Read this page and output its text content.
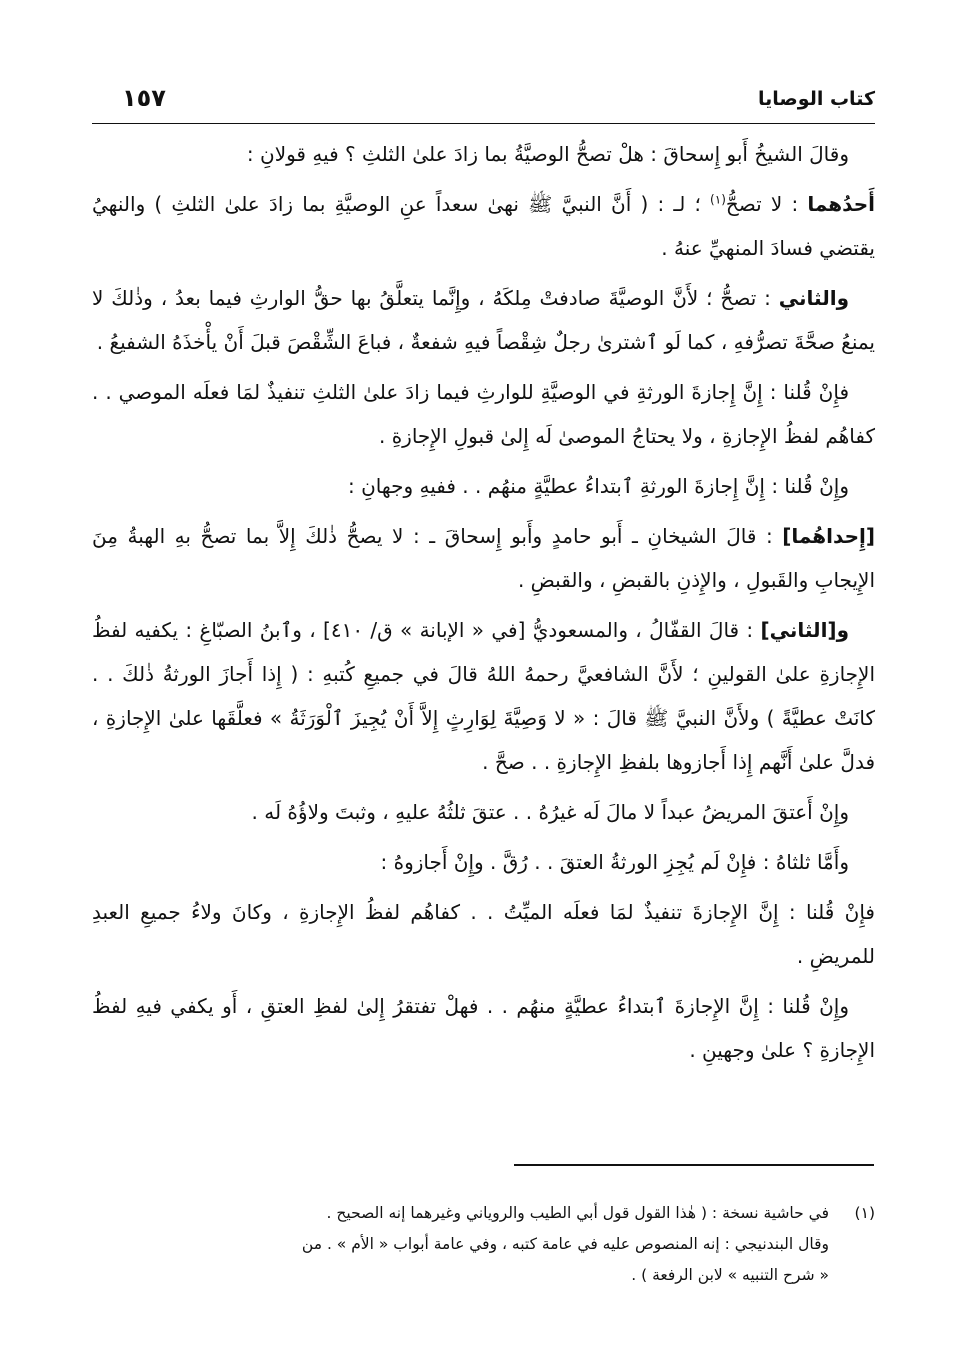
كتاب الوصايا
١٥٧

وقالَ الشيخُ أَبو إِسحاقَ : هلْ تصحُّ الوصيَّةُ بما زادَ علىٰ الثلثِ ؟ فيهِ قولانِ :

أَحدُهما : لا تصحُّ$^{(١)}$ ؛ لـ : ( أَنَّ النبيَّ ﷺ نهىٰ سعداً عنِ الوصيَّةِ بما زادَ علىٰ الثلثِ ) والنهيُ يقتضي فسادَ المنهيِّ عنهُ .

والثاني : تصحُّ ؛ لأَنَّ الوصيَّةَ صادفتْ مِلكَهُ ، وإِنَّما يتعلَّقُ بها حقُّ الوارثِ فيما بعدُ ، وذٰلكَ لا يمنعُ صحَّةَ تصرُّفهِ ، كما لَو ٱشترىٰ رجلٌ شِقْصاً فيهِ شفعةٌ ، فباعَ الشِّقْصَ قبلَ أَنْ يأْخذَهُ الشفيعُ .

فإِنْ قُلنا : إِنَّ إِجازةَ الورثةِ في الوصيَّةِ للوارثِ فيما زادَ علىٰ الثلثِ تنفيذٌ لمَا فعلَه الموصي . . كفاهُم لفظُ الإِجازةِ ، ولا يحتاجُ الموصىٰ لَه إِلىٰ قبولِ الإِجازةِ .

وإِنْ قُلنا : إِنَّ إِجازةَ الورثةِ ٱبتداءُ عطيَّةٍ منهُم . . ففيهِ وجهانِ :

[إِحداهُما] : قالَ الشيخانِ ـ أَبو حامدٍ وأَبو إِسحاقَ ـ : لا يصحُّ ذٰلكَ إِلاَّ بما تصحُّ بهِ الهبةُ مِنَ الإِيجابِ والقَبولِ ، والإِذنِ بالقبضِ ، والقبضِ .

و[الثاني] : قالَ القفّالُ ، والمسعوديُّ [في « الإبانة » ق/ ٤١٠] ، وٱبنُ الصبّاغِ : يكفيه لفظُ الإِجازةِ علىٰ القولينِ ؛ لأَنَّ الشافعيَّ رحمهُ اللهُ قالَ في جميعِ كُتبهِ : ( إِذا أَجازَ الورثةُ ذٰلكَ . . كانَتْ عطيَّةً ) ولأَنَّ النبيَّ ﷺ قالَ : « لا وَصِيَّةَ لِوَارِثٍ إِلاَّ أَنْ يُجِيزَ ٱلْوَرَثَةُ » فعلَّقَها علىٰ الإِجازةِ ، فدلَّ علىٰ أَنَّهم إِذا أَجازوها بلفظِ الإِجازةِ . . صحَّ .

وإِنْ أَعتقَ المريضُ عبداً لا مالَ لَه غيرُهُ . . عتقَ ثلثُهُ عليهِ ، وثبتَ ولاؤُهُ لَه .

وأَمَّا ثلثاهُ : فإِنْ لَم يُجِزِ الورثةُ العتقَ . . رُقَّ . وإِنْ أَجازوهُ :

فإِنْ قُلنا : إِنَّ الإِجازةَ تنفيذٌ لمَا فعلَه الميِّتُ . . كفاهُم لفظُ الإِجازةِ ، وكانَ ولاءُ جميعِ العبدِ للمريضِ .

وإِنْ قُلنا : إِنَّ الإِجازةَ ٱبتداءُ عطيَّةٍ منهُم . . فهلْ تفتقرُ إِلىٰ لفظِ العتقِ ، أَو يكفي فيهِ لفظُ الإِجازةِ ؟ علىٰ وجهينِ .

(١)
في حاشية نسخة : ( هٰذا القول قول أبي الطيب والروياني وغيرهما إنه الصحيح .
وقال البندنيجي : إنه المنصوص عليه في عامة كتبه ، وفي عامة أبواب « الأم » . من
« شرح التنبيه » لابن الرفعة ) .
